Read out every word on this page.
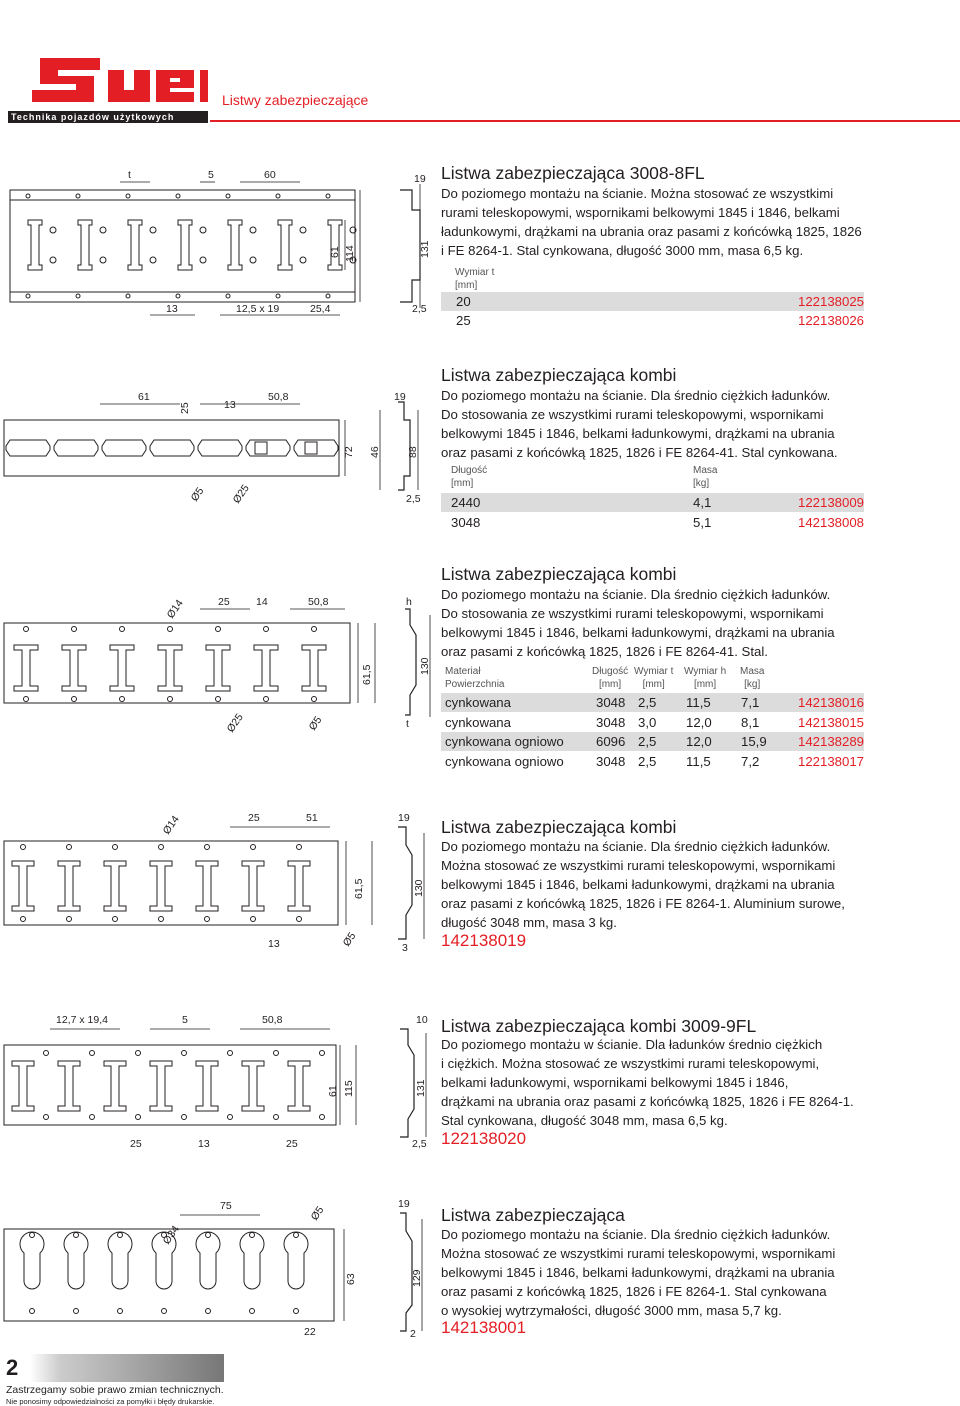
Technika pojazdów użytkowych
Listwy zabezpieczające
t	5	60
13	12,5 x 19	25,4
61 114
19
131
2,5
Listwa zabezpieczająca 3008-8FL
Do poziomego montażu na ścianie. Można stosować ze wszystkimi
rurami teleskopowymi, wspornikami belkowymi 1845 i 1846, belkami
ładunkowymi, drążkami na ubrania oraz pasami z końcówką 1825, 1826
i FE 8264-1. Stal cynkowana, długość 3000 mm, masa 6,5 kg.
Wymiar t
[mm]
20	122138025
25	122138026
61
25	13
50,8
72 46
19
88
2,5
Ø5 Ø25
Listwa zabezpieczająca kombi
Do poziomego montażu na ścianie. Dla średnio ciężkich ładunków.
Do stosowania ze wszystkimi rurami teleskopowymi, wspornikami
belkowymi 1845 i 1846, belkami ładunkowymi, drążkami na ubrania
oraz pasami z końcówką 1825, 1826 i FE 8264-41. Stal cynkowana.
Długość
[mm]
Masa
[kg]
2440	4,1	122138009
3048	5,1	142138008
Ø14	25	14	50,8	h
61,5	130
t
Ø25	Ø5
Listwa zabezpieczająca kombi
Do poziomego montażu na ścianie. Dla średnio ciężkich ładunków.
Do stosowania ze wszystkimi rurami teleskopowymi, wspornikami
belkowymi 1845 i 1846, belkami ładunkowymi, drążkami na ubrania
oraz pasami z końcówką 1825, 1826 i FE 8264-41. Stal.
Materiał
Powierzchnia
Długość
[mm]
Wymiar t
[mm]
Wymiar h
[mm]
Masa
[kg]
cynkowana	3048 2,5 11,5 7,1	142138016
cynkowana	3048 3,0 12,0 8,1	142138015
cynkowana ogniowo 6096 2,5 12,0 15,9 142138289
cynkowana ogniowo 3048 2,5 11,5 7,2	122138017
Ø14	25	51	19
61,5	130
13	Ø5	3
Listwa zabezpieczająca kombi
Do poziomego montażu na ścianie. Dla średnio ciężkich ładunków.
Można stosować ze wszystkimi rurami teleskopowymi, wspornikami
belkowymi 1845 i 1846, belkami ładunkowymi, drążkami na ubrania
oraz pasami z końcówką 1825, 1826 i FE 8264-1. Aluminium surowe,
długość 3048 mm, masa 3 kg.
142138019
12,7 x 19,4	5	50,8
61 115
10
131
25	13	25	2,5
Listwa zabezpieczająca kombi 3009-9FL
Do poziomego montażu w ścianie. Dla ładunków średnio ciężkich
i ciężkich. Można stosować ze wszystkimi rurami teleskopowymi,
belkami ładunkowymi, wspornikami belkowymi 1845 i 1846,
drążkami na ubrania oraz pasami z końcówką 1825, 1826 i FE 8264-1.
Stal cynkowana, długość 3048 mm, masa 6,5 kg.
122138020
75	Ø5
Ø34
19
63	129
22	2
Listwa zabezpieczająca
Do poziomego montażu na ścianie. Dla średnio ciężkich ładunków.
Można stosować ze wszystkimi rurami teleskopowymi, wspornikami
belkowymi 1845 i 1846, belkami ładunkowymi, drążkami na ubrania
oraz pasami z końcówką 1825, 1826 i FE 8264-1. Stal cynkowana
o wysokiej wytrzymałości, długość 3000 mm, masa 5,7 kg.
142138001
2
Zastrzegamy sobie prawo zmian technicznych.
Nie ponosimy odpowiedzialności za pomyłki i błędy drukarskie.
